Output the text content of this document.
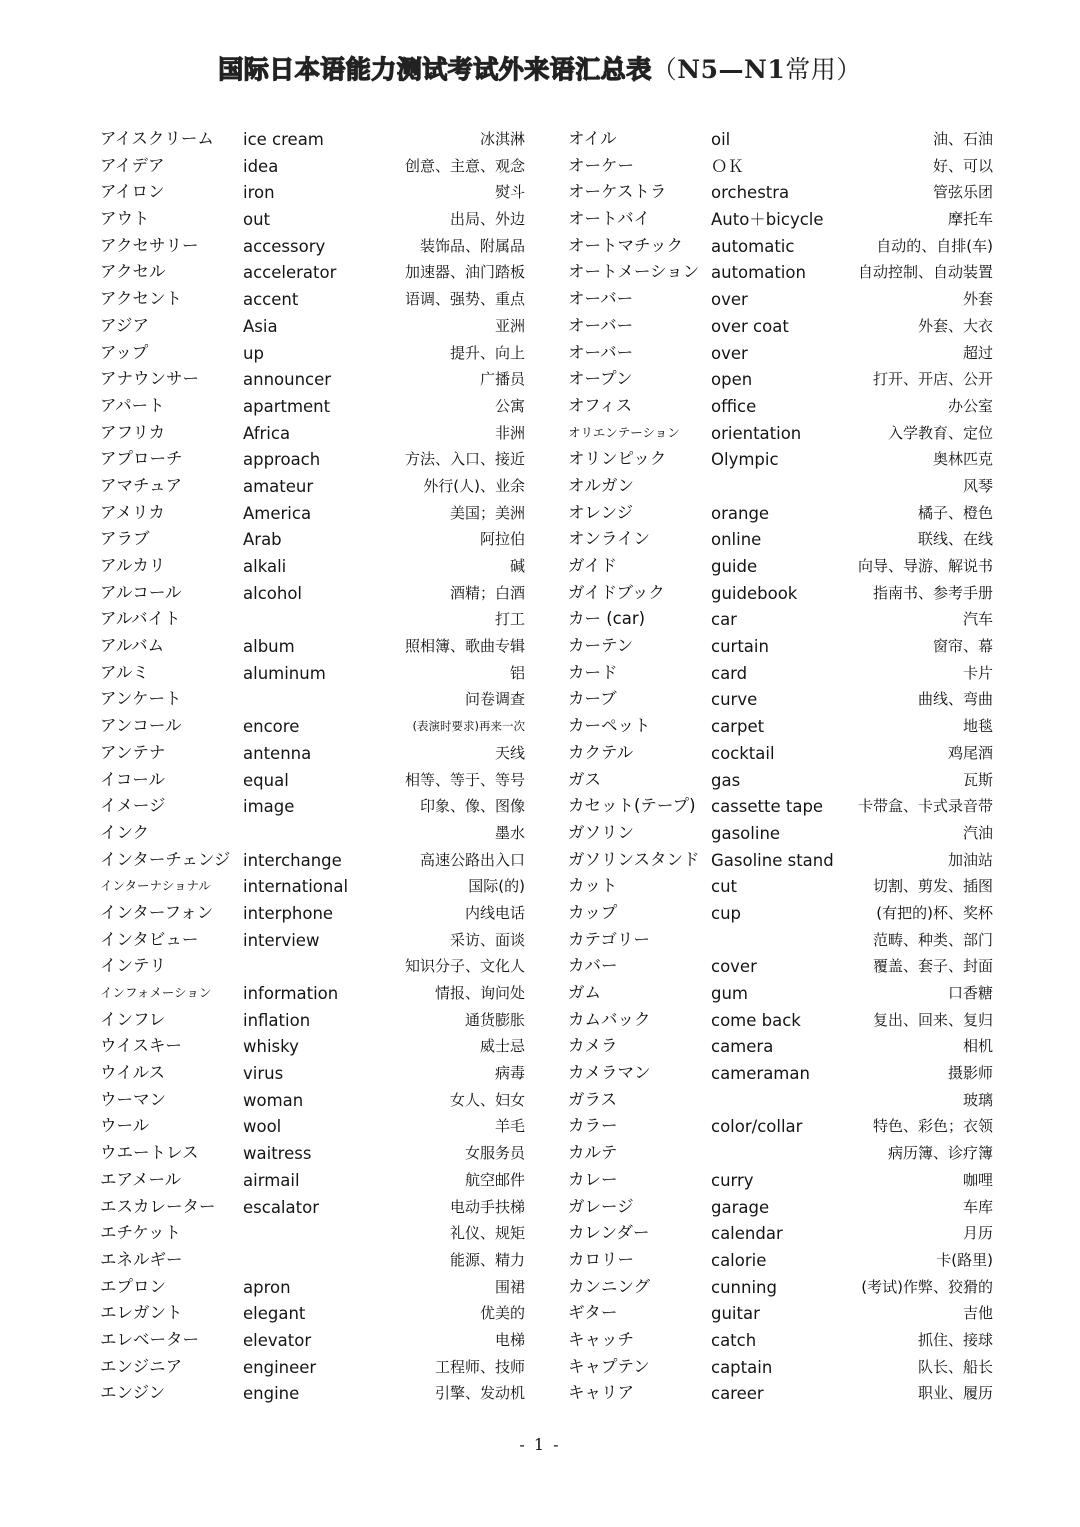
国际日本语能力测试考试外来语汇总表（N5—N1常用）
アイスクリーム ice cream	冰淇淋
アイデア	idea	创意、主意、观念
アイロン	iron	熨斗
アウト	out	出局、外边
アクセサリー	accessory	装饰品、附属品
アクセル	accelerator	加速器、油门踏板
アクセント	accent	语调、强势、重点
アジア	Asia	亚洲
アップ	up	提升、向上
アナウンサー	announcer	广播员
アパート	apartment	公寓
アフリカ	Africa	非洲
アプローチ	approach	方法、入口、接近
アマチュア	amateur	外行(人)、业余
アメリカ	America	美国；美洲
アラブ	Arab	阿拉伯
アルカリ	alkali	碱
アルコール	alcohol	酒精；白酒
アルバイト	打工
アルバム	album	照相簿、歌曲专辑
アルミ	aluminum	铝
アンケート	问卷调查
アンコール	encore	(表演时要求)再来一次
アンテナ	antenna	天线
イコール	equal	相等、等于、等号
イメージ	image	印象、像、图像
インク	墨水
インターチェンジ interchange	高速公路出入口
インターナショナル international	国际(的)
インターフォン interphone	内线电话
インタビュー	interview	采访、面谈
インテリ	知识分子、文化人
インフォメーション information	情报、询问处
インフレ	inflation	通货膨胀
ウイスキー	whisky	威士忌
ウイルス	virus	病毒
ウーマン	woman	女人、妇女
ウール	wool	羊毛
ウエートレス	waitress	女服务员
エアメール	airmail	航空邮件
エスカレーター escalator	电动手扶梯
エチケット	礼仪、规矩
エネルギー	能源、精力
エプロン	apron	围裙
エレガント	elegant	优美的
エレベーター	elevator	电梯
エンジニア	engineer	工程师、技师
エンジン	engine	引擎、发动机
オイル	oil	油、石油
オーケー	ＯＫ	好、可以
オーケストラ	orchestra	管弦乐团
オートバイ	Auto＋bicycle	摩托车
オートマチック automatic	自动的、自排(车)
オートメーション automation	自动控制、自动装置
オーバー	over	外套
オーバー	over coat	外套、大衣
オーバー	over	超过
オープン	open	打开、开店、公开
オフィス	office	办公室
オリエンテーション orientation	入学教育、定位
オリンピック	Olympic	奥林匹克
オルガン	风琴
オレンジ	orange	橘子、橙色
オンライン	online	联线、在线
ガイド	guide	向导、导游、解说书
ガイドブック	guidebook	指南书、参考手册
カー (car)	car	汽车
カーテン	curtain	窗帘、幕
カード	card	卡片
カーブ	curve	曲线、弯曲
カーペット	carpet	地毯
カクテル	cocktail	鸡尾酒
ガス	gas	瓦斯
カセット(テープ) cassette tape 卡带盒、卡式录音带
ガソリン	gasoline	汽油
ガソリンスタンド Gasoline stand	加油站
カット	cut	切割、剪发、插图
カップ	cup	(有把的)杯、奖杯
カテゴリー	范畴、种类、部门
カバー	cover	覆盖、套子、封面
ガム	gum	口香糖
カムバック	come back	复出、回来、复归
カメラ	camera	相机
カメラマン	cameraman	摄影师
ガラス	玻璃
カラー	color/collar	特色、彩色；衣领
カルテ	病历簿、诊疗簿
カレー	curry	咖哩
ガレージ	garage	车库
カレンダー	calendar	月历
カロリー	calorie	卡(路里)
カンニング	cunning	(考试)作弊、狡猾的
ギター	guitar	吉他
キャッチ	catch	抓住、接球
キャプテン	captain	队长、船长
キャリア	career	职业、履历
- 1 -
